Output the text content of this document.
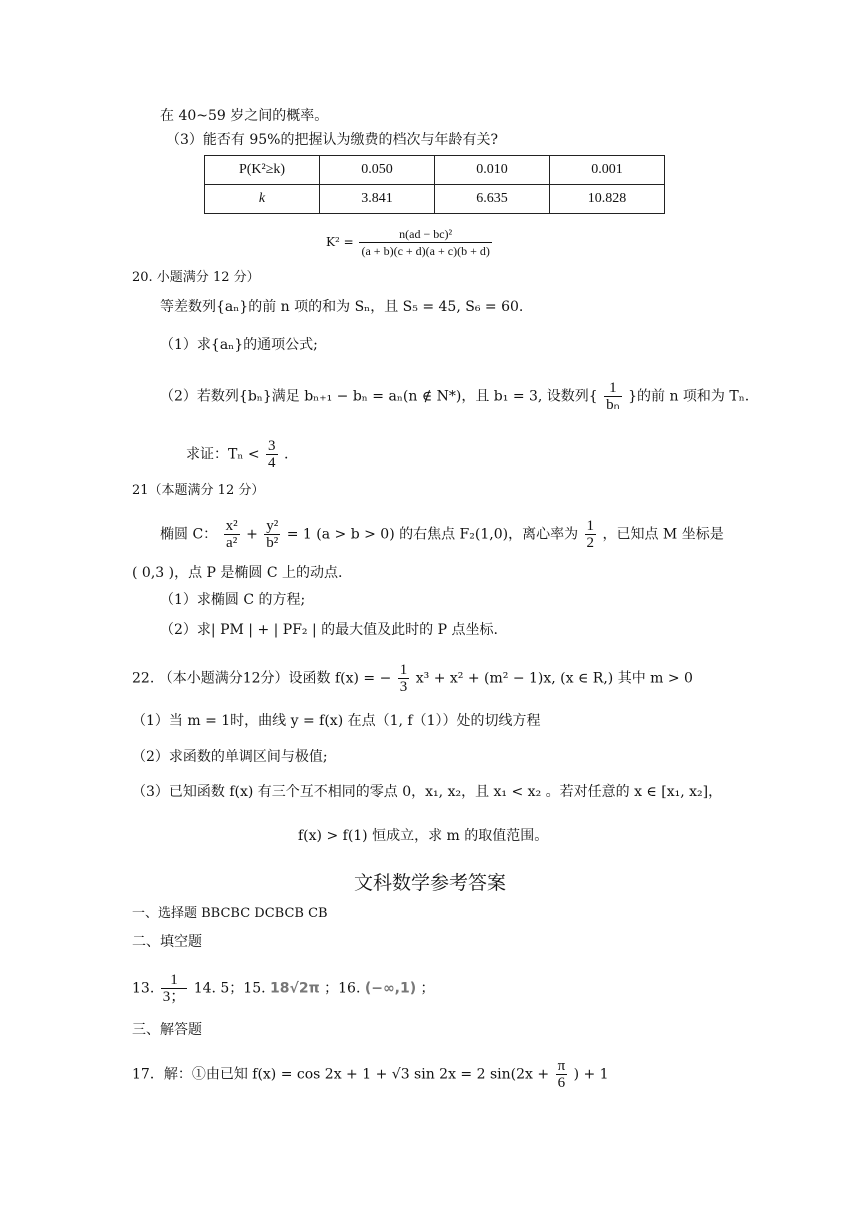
在 40~59 岁之间的概率。
（3）能否有 95%的把握认为缴费的档次与年龄有关?
P(K²≥k)	0.050	0.010	0.001
k	3.841	6.635	10.828
$K^2 = \frac{\text{n(ad − bc)²}}{(a + b)(c + d)(a + c)(b + d)}$
20. 小题满分 12 分）
等差数列{aₙ}的前 n 项的和为 Sₙ，且 S₅ = 45, S₆ = 60.
（1）求{aₙ}的通项公式;
（2）若数列{bₙ}满足 bₙ₊₁ − bₙ = aₙ(n ∉ N*)，且 b₁ = 3, 设数列{ $\frac{1}{\text{bₙ}}$ }的前 n 项和为 Tₙ.
求证：$T_n < \frac{3}{4}$ .
21（本题满分 12 分）
椭圆 C： $\frac{\text{x²}}{\text{a²}} + \frac{\text{y²}}{\text{b²}} = 1$ (a > b > 0) 的右焦点 F₂(1,0)，离心率为 $\frac{1}{2}$ ，已知点 M 坐标是
( 0,3 )，点 P 是椭圆 C 上的动点.
（1）求椭圆 C 的方程;
（2）求| PM | + | PF₂ | 的最大值及此时的 P 点坐标.
22. （本小题满分12分）设函数 f(x) = − $\frac{1}{3} x^3 + x^2 + (m^2 - 1)x$, (x ∈ R,) 其中 m > 0
（1）当 m = 1时，曲线 y = f(x) 在点（1, f（1））处的切线方程
（2）求函数的单调区间与极值;
（3）已知函数 f(x) 有三个互不相同的零点 0，x₁, x₂，且 x₁ < x₂ 。若对任意的 x ∈ [x₁, x₂]，
f(x) > f(1) 恒成立，求 m 的取值范围。
文科数学参考答案
一、选择题 BBCBC DCBCB CB
二、填空题
13. $\frac{1}{3;} 14$. 5；15. 18√2π ；16. (−∞,1) ；
三、解答题
17．解：①由已知 f(x) = cos 2x + 1 + √3 sin 2x = 2 $\sin(2x + \frac{\pi}{6}$ ) + 1
